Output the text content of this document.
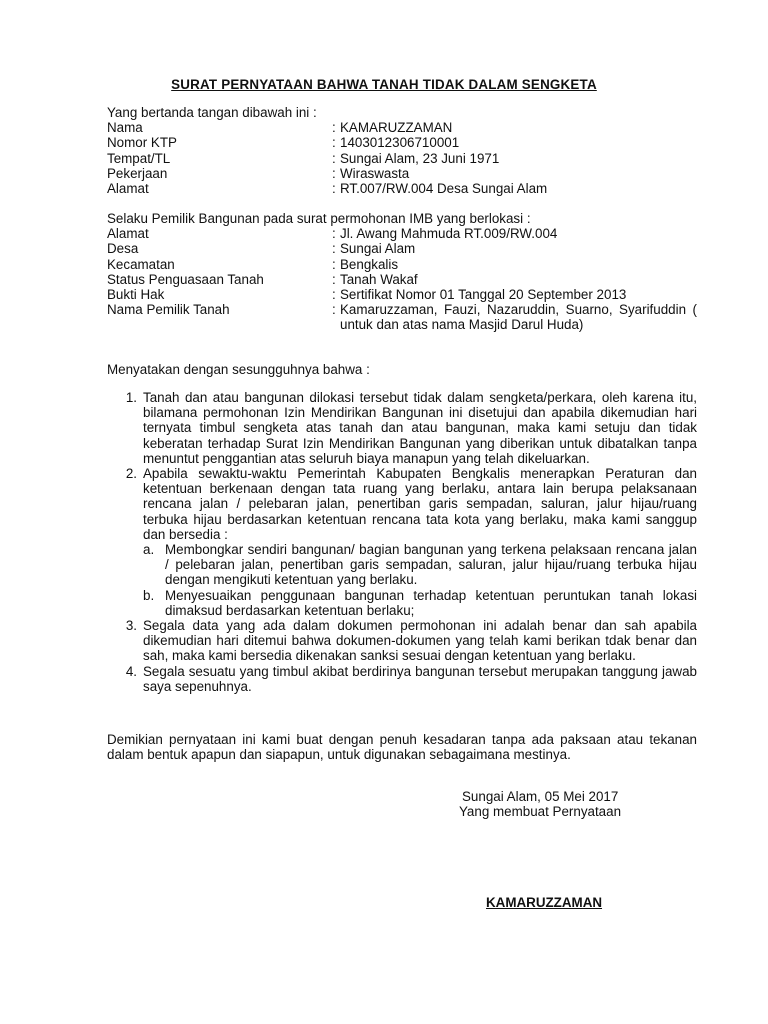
SURAT PERNYATAAN BAHWA TANAH TIDAK DALAM SENGKETA
Yang bertanda tangan dibawah ini :
Nama	: KAMARUZZAMAN
Nomor KTP	: 1403012306710001
Tempat/TL	: Sungai Alam, 23 Juni 1971
Pekerjaan	: Wiraswasta
Alamat	: RT.007/RW.004 Desa Sungai Alam
Selaku Pemilik Bangunan pada surat permohonan IMB yang berlokasi :
Alamat	: Jl. Awang Mahmuda RT.009/RW.004
Desa	: Sungai Alam
Kecamatan	: Bengkalis
Status Penguasaan Tanah	: Tanah Wakaf
Bukti Hak	: Sertifikat Nomor 01 Tanggal 20 September 2013
Nama Pemilik Tanah	: Kamaruzzaman, Fauzi, Nazaruddin, Suarno, Syarifuddin ( untuk dan atas nama Masjid Darul Huda)
Menyatakan dengan sesungguhnya bahwa :
1. Tanah dan atau bangunan dilokasi tersebut tidak dalam sengketa/perkara, oleh karena itu, bilamana permohonan Izin Mendirikan Bangunan ini disetujui dan apabila dikemudian hari ternyata timbul sengketa atas tanah dan atau bangunan, maka kami setuju dan tidak keberatan terhadap Surat Izin Mendirikan Bangunan yang diberikan untuk dibatalkan tanpa menuntut penggantian atas seluruh biaya manapun yang telah dikeluarkan.
2. Apabila sewaktu-waktu Pemerintah Kabupaten Bengkalis menerapkan Peraturan dan ketentuan berkenaan dengan tata ruang yang berlaku, antara lain berupa pelaksanaan rencana jalan / pelebaran jalan, penertiban garis sempadan, saluran, jalur hijau/ruang terbuka hijau berdasarkan ketentuan rencana tata kota yang berlaku, maka kami sanggup dan bersedia :
a. Membongkar sendiri bangunan/ bagian bangunan yang terkena pelaksaan rencana jalan / pelebaran jalan, penertiban garis sempadan, saluran, jalur hijau/ruang terbuka hijau dengan mengikuti ketentuan yang berlaku.
b. Menyesuaikan penggunaan bangunan terhadap ketentuan peruntukan tanah lokasi dimaksud berdasarkan ketentuan berlaku;
3. Segala data yang ada dalam dokumen permohonan ini adalah benar dan sah apabila dikemudian hari ditemui bahwa dokumen-dokumen yang telah kami berikan tdak benar dan sah, maka kami bersedia dikenakan sanksi sesuai dengan ketentuan yang berlaku.
4. Segala sesuatu yang timbul akibat berdirinya bangunan tersebut merupakan tanggung jawab saya sepenuhnya.
Demikian pernyataan ini kami buat dengan penuh kesadaran tanpa ada paksaan atau tekanan dalam bentuk apapun dan siapapun, untuk digunakan sebagaimana mestinya.
Sungai Alam, 05 Mei 2017
Yang membuat Pernyataan
KAMARUZZAMAN
